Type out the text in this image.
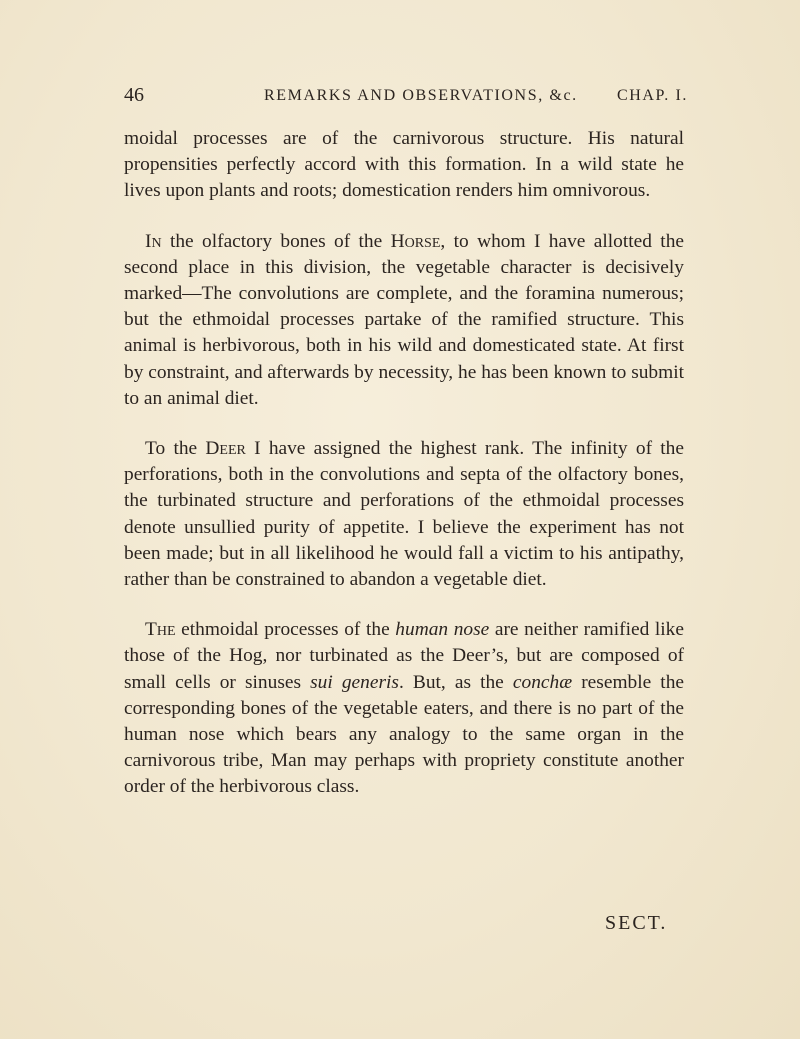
46	REMARKS AND OBSERVATIONS, &c. CHAP. I.

moidal processes are of the carnivorous structure. His natural propensities perfectly accord with this formation. In a wild state he lives upon plants and roots; domestication renders him omnivorous.

In the olfactory bones of the Horse, to whom I have allotted the second place in this division, the vegetable character is decisively marked—The convolutions are complete, and the foramina numerous; but the ethmoidal processes partake of the ramified structure. This animal is herbivorous, both in his wild and domesticated state. At first by constraint, and afterwards by necessity, he has been known to submit to an animal diet.

To the Deer I have assigned the highest rank. The infinity of the perforations, both in the convolutions and septa of the olfactory bones, the turbinated structure and perforations of the ethmoidal processes denote unsullied purity of appetite. I believe the experiment has not been made; but in all likelihood he would fall a victim to his antipathy, rather than be constrained to abandon a vegetable diet.

The ethmoidal processes of the human nose are neither ramified like those of the Hog, nor turbinated as the Deer’s, but are composed of small cells or sinuses sui generis. But, as the conchæ resemble the corresponding bones of the vegetable eaters, and there is no part of the human nose which bears any analogy to the same organ in the carnivorous tribe, Man may perhaps with propriety constitute another order of the herbivorous class.

SECT.
